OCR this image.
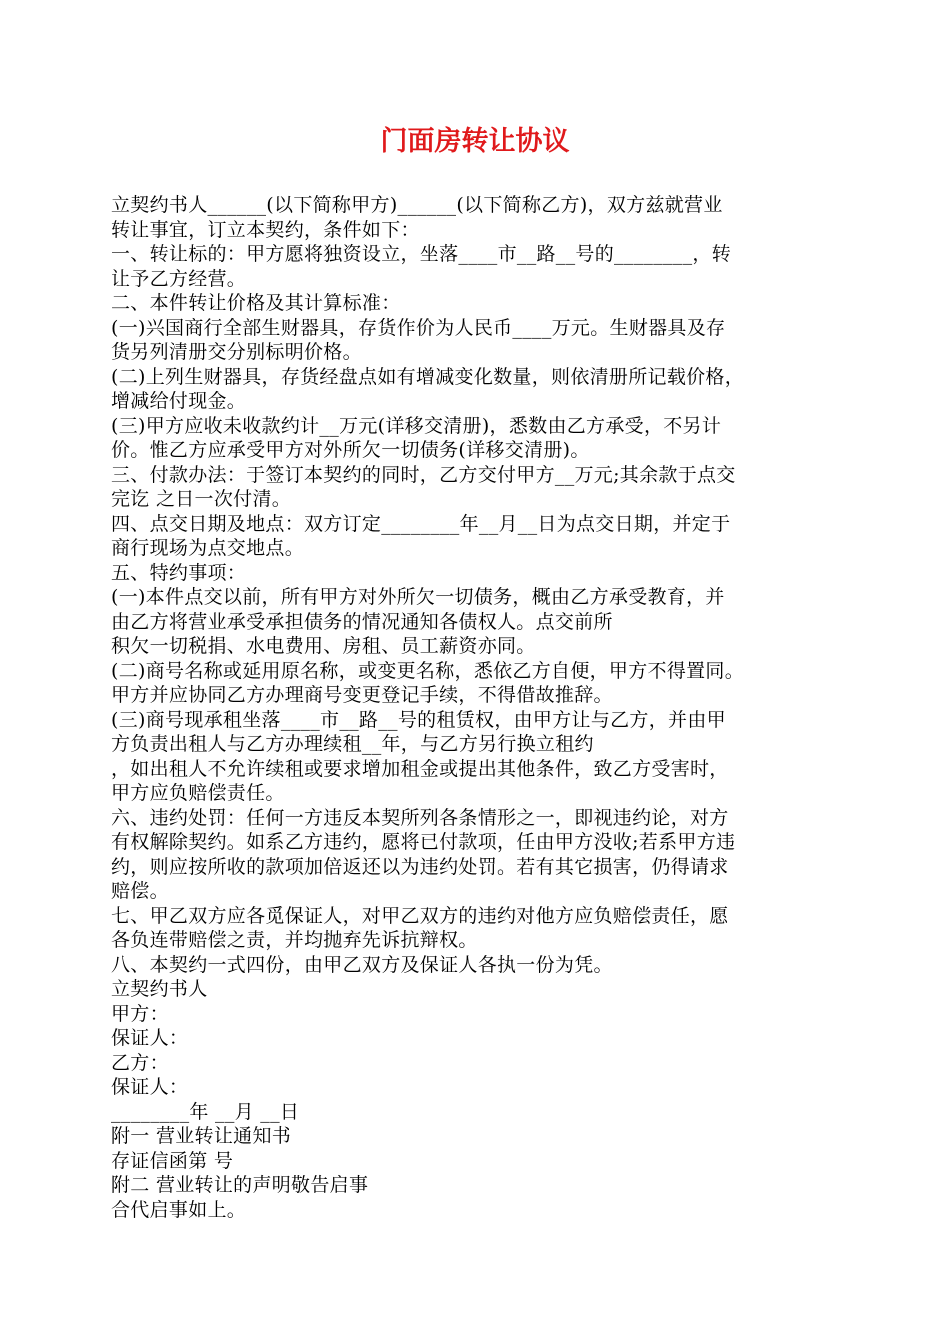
门面房转让协议
立契约书人______(以下简称甲方)______(以下简称乙方)，双方兹就营业
转让事宜，订立本契约，条件如下：
一、转让标的：甲方愿将独资设立，坐落____市__路__号的________，转
让予乙方经营。
二、本件转让价格及其计算标准：
(一)兴国商行全部生财器具，存货作价为人民币____万元。生财器具及存
货另列清册交分别标明价格。
(二)上列生财器具，存货经盘点如有增减变化数量，则依清册所记载价格，
增减给付现金。
(三)甲方应收未收款约计__万元(详移交清册)，悉数由乙方承受，不另计
价。惟乙方应承受甲方对外所欠一切债务(详移交清册)。
三、付款办法：于签订本契约的同时，乙方交付甲方__万元;其余款于点交
完讫 之日一次付清。
四、点交日期及地点：双方订定________年__月__日为点交日期，并定于
商行现场为点交地点。
五、特约事项：
(一)本件点交以前，所有甲方对外所欠一切债务，概由乙方承受教育，并
由乙方将营业承受承担债务的情况通知各债权人。点交前所
积欠一切税捐、水电费用、房租、员工薪资亦同。
(二)商号名称或延用原名称，或变更名称，悉依乙方自便，甲方不得置同。
甲方并应协同乙方办理商号变更登记手续，不得借故推辞。
(三)商号现承租坐落____市__路__号的租赁权，由甲方让与乙方，并由甲
方负责出租人与乙方办理续租__年，与乙方另行换立租约
，如出租人不允许续租或要求增加租金或提出其他条件，致乙方受害时，
甲方应负赔偿责任。
六、违约处罚：任何一方违反本契所列各条情形之一，即视违约论，对方
有权解除契约。如系乙方违约，愿将已付款项，任由甲方没收;若系甲方违
约，则应按所收的款项加倍返还以为违约处罚。若有其它损害，仍得请求
赔偿。
七、甲乙双方应各觅保证人，对甲乙双方的违约对他方应负赔偿责任，愿
各负连带赔偿之责，并均抛弃先诉抗辩权。
八、本契约一式四份，由甲乙双方及保证人各执一份为凭。
立契约书人
甲方：
保证人：
乙方：
保证人：
________年 __月 __日
附一 营业转让通知书
存证信函第 号
附二 营业转让的声明敬告启事
合代启事如上。
